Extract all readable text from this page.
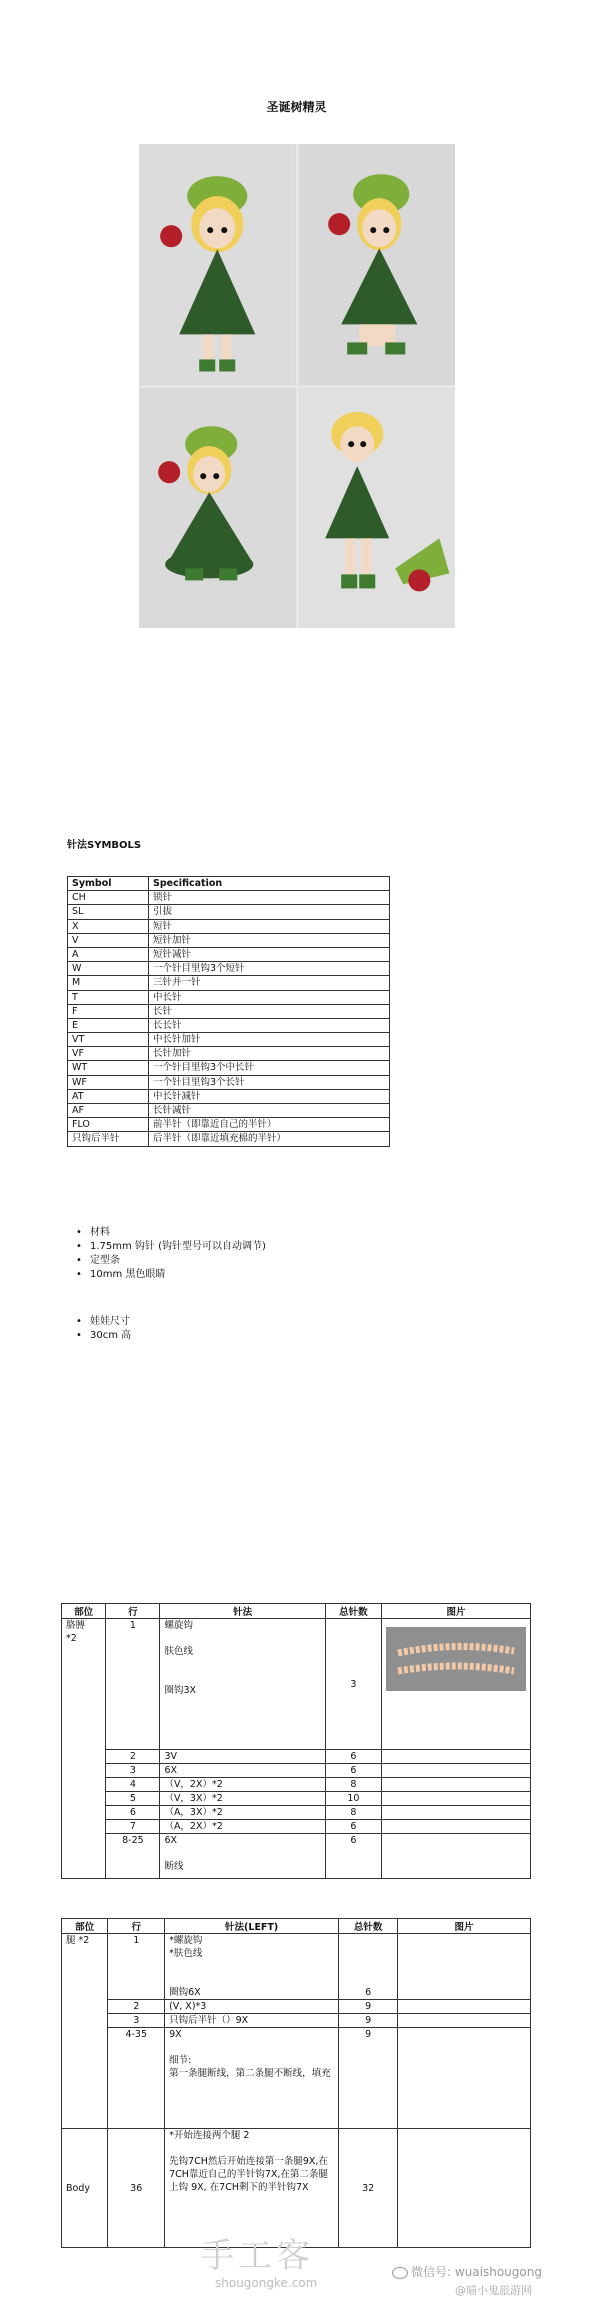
圣诞树精灵
针法SYMBOLS
Symbol	Specification
CH	锁针
SL	引拔
X	短针
V	短针加针
A	短针减针
W	一个针目里钩3个短针
M	三针并一针
T	中长针
F	长针
E	长长针
VT	中长针加针
VF	长针加针
WT	一个针目里钩3个中长针
WF	一个针目里钩3个长针
AT	中长针减针
AF	长针减针
FLO	前半针（即靠近自己的半针）
只钩后半针	后半针（即靠近填充棉的半针）
• 材料
• 1.75mm 钩针 (钩针型号可以自动调节)
• 定型条
• 10mm 黑色眼睛
• 娃娃尺寸
• 30cm 高
部位	行	针法	总针数	图片
胳膊
*2	1	螺旋钩

肤色线

圈钩3X	3	

	2	3V	6	
	3	6X	6	
	4	（V，2X）*2	8	
	5	（V，3X）*2	10	
	6	（A，3X）*2	8	
	7	（A，2X）*2	6	
	8-25	6X

断线	6	
部位	行	针法(LEFT)	总针数	图片
腿 *2	1	*螺旋钩
*肤色线

圈钩6X	6	
	2	(V, X)*3	9	
	3	只钩后半针（）9X	9	
	4-35	9X

细节:
第一条腿断线，第二条腿不断线，填充	9	
Body	36	*开始连接两个腿 2

先钩7CH然后开始连接第一条腿9X,在7CH靠近自己的半针钩7X,在第二条腿上钩 9X, 在7CH剩下的半针钩7X	32	
手工客
shougongke.com
微信号: wuaishougong
@喵小鬼旅游网
